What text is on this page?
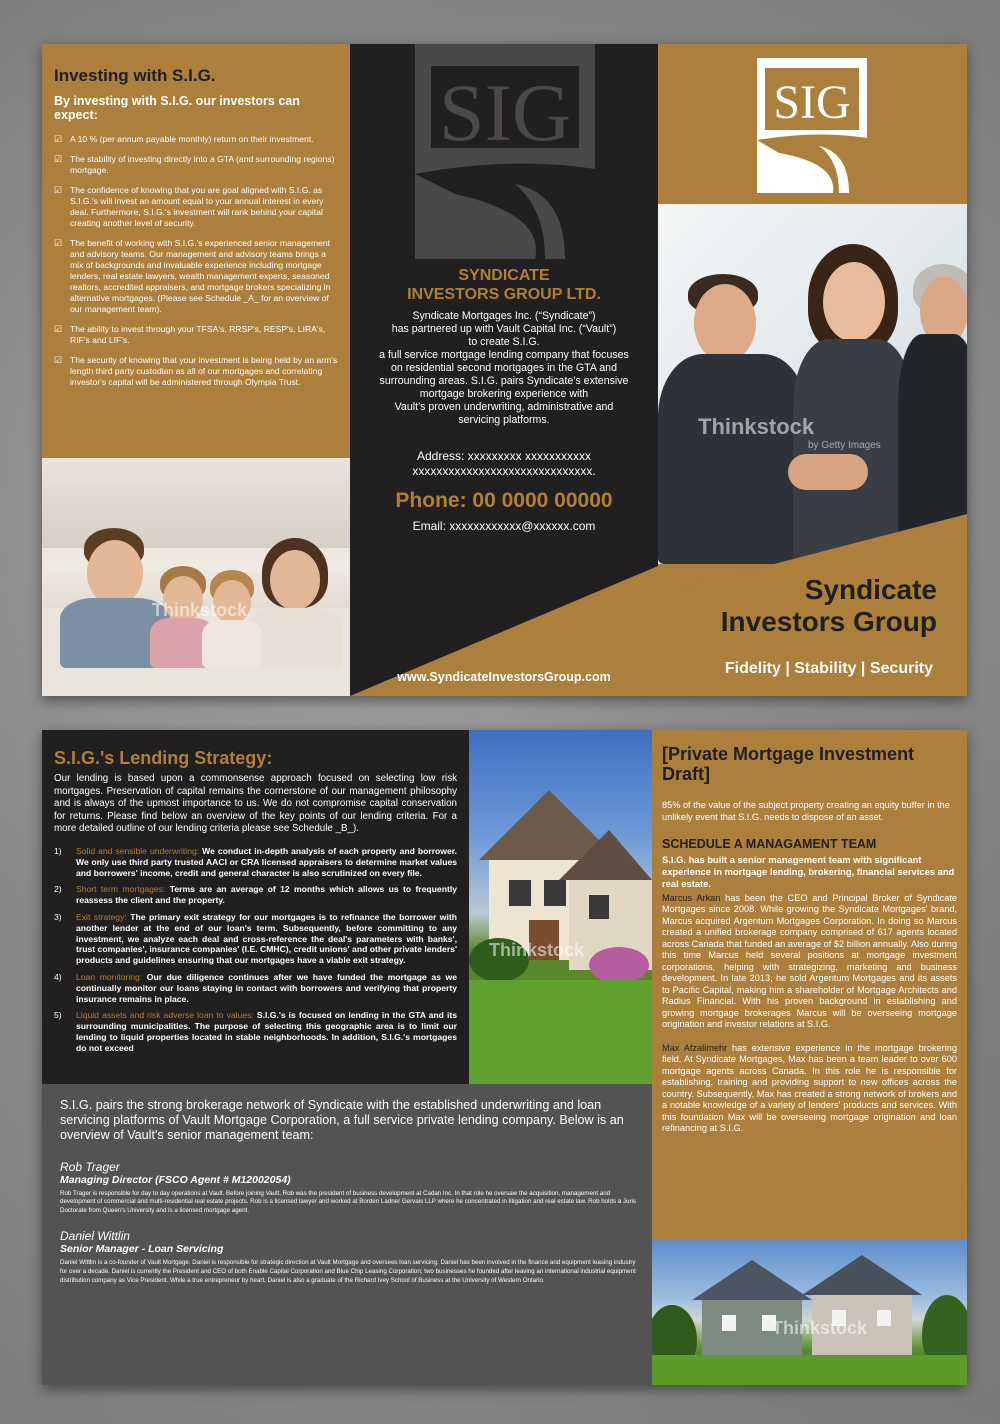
Investing with S.I.G.
By investing with S.I.G. our investors can expect:
☑ A 10 % (per annum payable monthly) return on their investment.
☑ The stability of investing directly into a GTA (and surrounding regions) mortgage.
☑ The confidence of knowing that you are goal aligned with S.I.G. as S.I.G.'s will invest an amount equal to your annual interest in every deal. Furthermore, S.I.G.'s investment will rank behind your capital creating another level of security.
☑ The benefit of working with S.I.G.'s experienced senior management and advisory teams. Our management and advisory teams brings a mix of backgrounds and invaluable experience including mortgage lenders, real estate lawyers, wealth management experts, seasoned realtors, accredited appraisers, and mortgage brokers specializing in alternative mortgages. (Please see Schedule _A_ for an overview of our management team).
☑ The ability to invest through your TFSA's, RRSP's, RESP's, LIRA's, RIF's and LIF's.
☑ The security of knowing that your investment is being held by an arm's length third party custodian as all of our mortgages and correlating investor's capital will be administered through Olympia Trust.
Thinkstock
SIG
SYNDICATE
INVESTORS GROUP LTD.
Syndicate Mortgages Inc. (“Syndicate”)
has partnered up with Vault Capital Inc. (“Vault”)
to create S.I.G.
a full service mortgage lending company that focuses
on residential second mortgages in the GTA and
surrounding areas. S.I.G. pairs Syndicate’s extensive
mortgage brokering experience with
Vault’s proven underwriting, administrative and
servicing platforms.
Address: xxxxxxxxx xxxxxxxxxxx
xxxxxxxxxxxxxxxxxxxxxxxxxxxxxx.
Phone: 00 0000 00000
Email: xxxxxxxxxxxx@xxxxxx.com
www.SyndicateInvestorsGroup.com
SIG
Thinkstock
by Getty Images
Syndicate
Investors Group
Fidelity | Stability | Security
S.I.G.'s Lending Strategy:
Our lending is based upon a commonsense approach focused on selecting low risk mortgages. Preservation of capital remains the cornerstone of our management philosophy and is always of the upmost importance to us. We do not compromise capital conservation for returns. Please find below an overview of the key points of our lending criteria. For a more detailed outline of our lending criteria please see Schedule _B_).
1) Solid and sensible underwriting: We conduct in-depth analysis of each property and borrower. We only use third party trusted AACI or CRA licensed appraisers to determine market values and borrowers' income, credit and general character is also scrutinized on every file.
2) Short term mortgages: Terms are an average of 12 months which allows us to frequently reassess the client and the property.
3) Exit strategy: The primary exit strategy for our mortgages is to refinance the borrower with another lender at the end of our loan's term. Subsequently, before committing to any investment, we analyze each deal and cross-reference the deal's parameters with banks', trust companies', insurance companies' (I.E. CMHC), credit unions' and other private lenders' products and guidelines ensuring that our mortgages have a viable exit strategy.
4) Loan monitoring: Our due diligence continues after we have funded the mortgage as we continually monitor our loans staying in contact with borrowers and verifying that property insurance remains in place.
5) Liquid assets and risk adverse loan to values: S.I.G.'s is focused on lending in the GTA and its surrounding municipalities. The purpose of selecting this geographic area is to limit our lending to liquid properties located in stable neighborhoods. In addition, S.I.G.'s mortgages do not exceed
Thinkstock
S.I.G. pairs the strong brokerage network of Syndicate with the established underwriting and loan servicing platforms of Vault Mortgage Corporation, a full service private lending company. Below is an overview of Vault's senior management team:
Rob Trager
Managing Director (FSCO Agent # M12002054)
Rob Trager is responsible for day to day operations at Vault. Before joining Vault, Rob was the president of business development at Cadan Inc. In that role he oversaw the acquisition, management and development of commercial and multi-residential real estate projects. Rob is a licensed lawyer and worked at Borden Ladner Gervais LLP where he concentrated in litigation and real estate law. Rob holds a Juris Doctorate from Queen's University and is a licensed mortgage agent.
Daniel Wittlin
Senior Manager - Loan Servicing
Daniel Wittlin is a co-founder of Vault Mortgage. Daniel is responsible for strategic direction at Vault Mortgage and oversees loan servicing. Daniel has been involved in the finance and equipment leasing industry for over a decade. Daniel is currently the President and CEO of both Enable Capital Corporation and Blue Chip Leasing Corporation; two businesses he founded after leaving an international industrial equipment distribution company as Vice President. While a true entrepreneur by heart, Daniel is also a graduate of the Richard Ivey School of Business at the University of Western Ontario.
[Private Mortgage Investment Draft]
85% of the value of the subject property creating an equity buffer in the unlikely event that S.I.G. needs to dispose of an asset.
SCHEDULE A MANAGAMENT TEAM
S.I.G. has built a senior management team with significant experience in mortgage lending, brokering, financial services and real estate.
Marcus Arkan has been the CEO and Principal Broker of Syndicate Mortgages since 2008. While growing the Syndicate Mortgages' brand, Marcus acquired Argentum Mortgages Corporation. In doing so Marcus created a unified brokerage company comprised of 617 agents located across Canada that funded an average of $2 billion annually. Also during this time Marcus held several positions at mortgage investment corporations, helping with strategizing, marketing and business development. In late 2013, he sold Argentum Mortgages and its assets to Pacific Capital, making him a shareholder of Mortgage Architects and Radius Financial. With his proven background in establishing and growing mortgage brokerages Marcus will be overseeing mortgage origination and investor relations at S.I.G.
Max Afzalimehr has extensive experience in the mortgage brokering field. At Syndicate Mortgages, Max has been a team leader to over 600 mortgage agents across Canada. In this role he is responsible for establishing, training and providing support to new offices across the country. Subsequently, Max has created a strong network of brokers and a notable knowledge of a variety of lenders' products and services. With this foundation Max will be overseeing mortgage origination and loan refinancing at S.I.G.
Thinkstock
